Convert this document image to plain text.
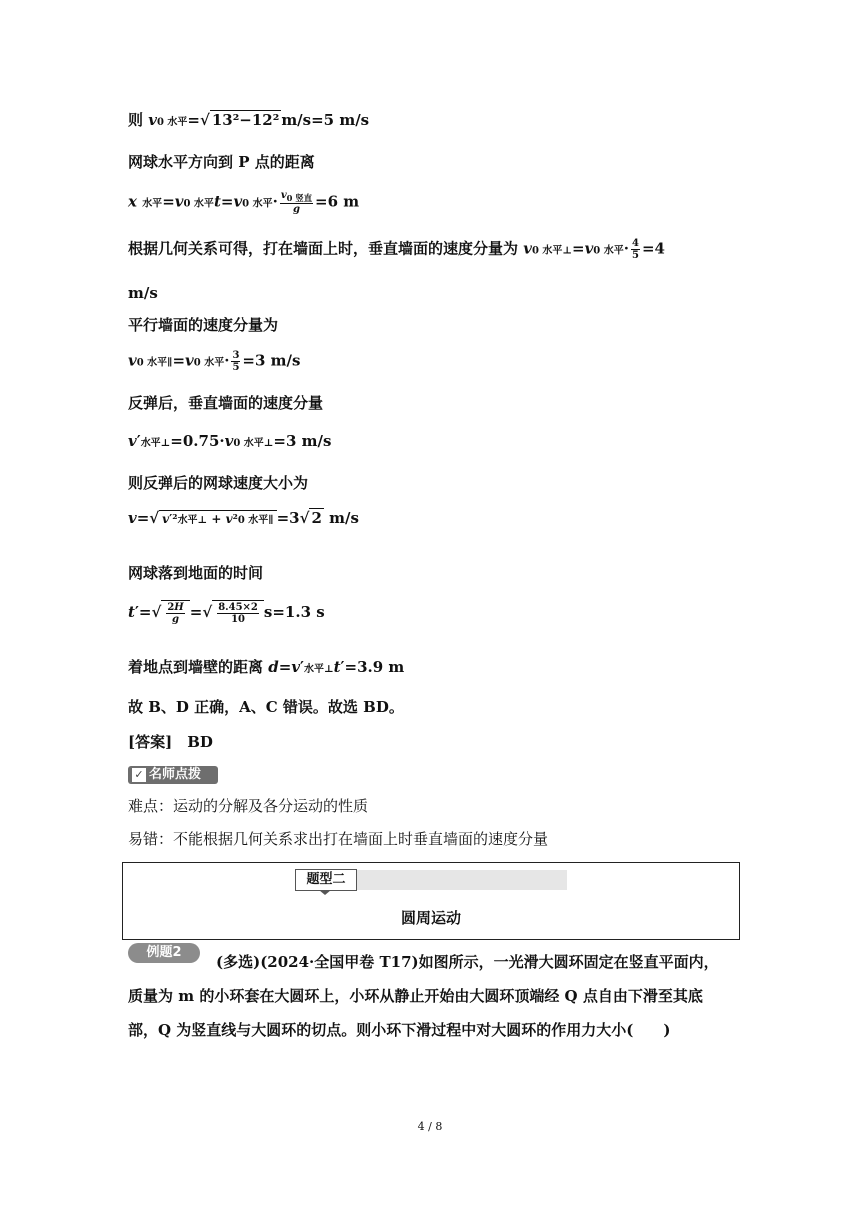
则 v0 水平=√ 13²−12² m/s=5 m/s
网球水平方向到 P 点的距离
x 水平=v0 水平t=v0 水平· $\frac{v_{0 竖直}}{g} =6$ m
根据几何关系可得，打在墙面上时，垂直墙面的速度分量为 v0 水平⊥=v0 水平· $\frac{4}{5} =4$
m/s
平行墙面的速度分量为
v0 水平∥=v0 水平· $\frac{3}{5} =3$ m/s
反弹后，垂直墙面的速度分量
v′水平⊥=0.75·v0 水平⊥=3 m/s
则反弹后的网球速度大小为
v=√ v′²水平⊥ + v²0 水平∥ =3√ 2 m/s
网球落到地面的时间
$t'=√ \frac{2H}{g}$ =√ $\frac{8.45\times 2}{10} s=1.3$ s
着地点到墙壁的距离 d=v′水平⊥t′=3.9 m
故 B、D 正确，A、C 错误。故选 BD。
[答案]　BD
✓ 名师点拨
难点：运动的分解及各分运动的性质
易错：不能根据几何关系求出打在墙面上时垂直墙面的速度分量
题型二
圆周运动
例题2
(多选)(2024·全国甲卷 T17)如图所示，一光滑大圆环固定在竖直平面内，质量为 m 的小环套在大圆环上，小环从静止开始由大圆环顶端经 Q 点自由下滑至其底部，Q 为竖直线与大圆环的切点。则小环下滑过程中对大圆环的作用力大小(　　)
4 / 8
